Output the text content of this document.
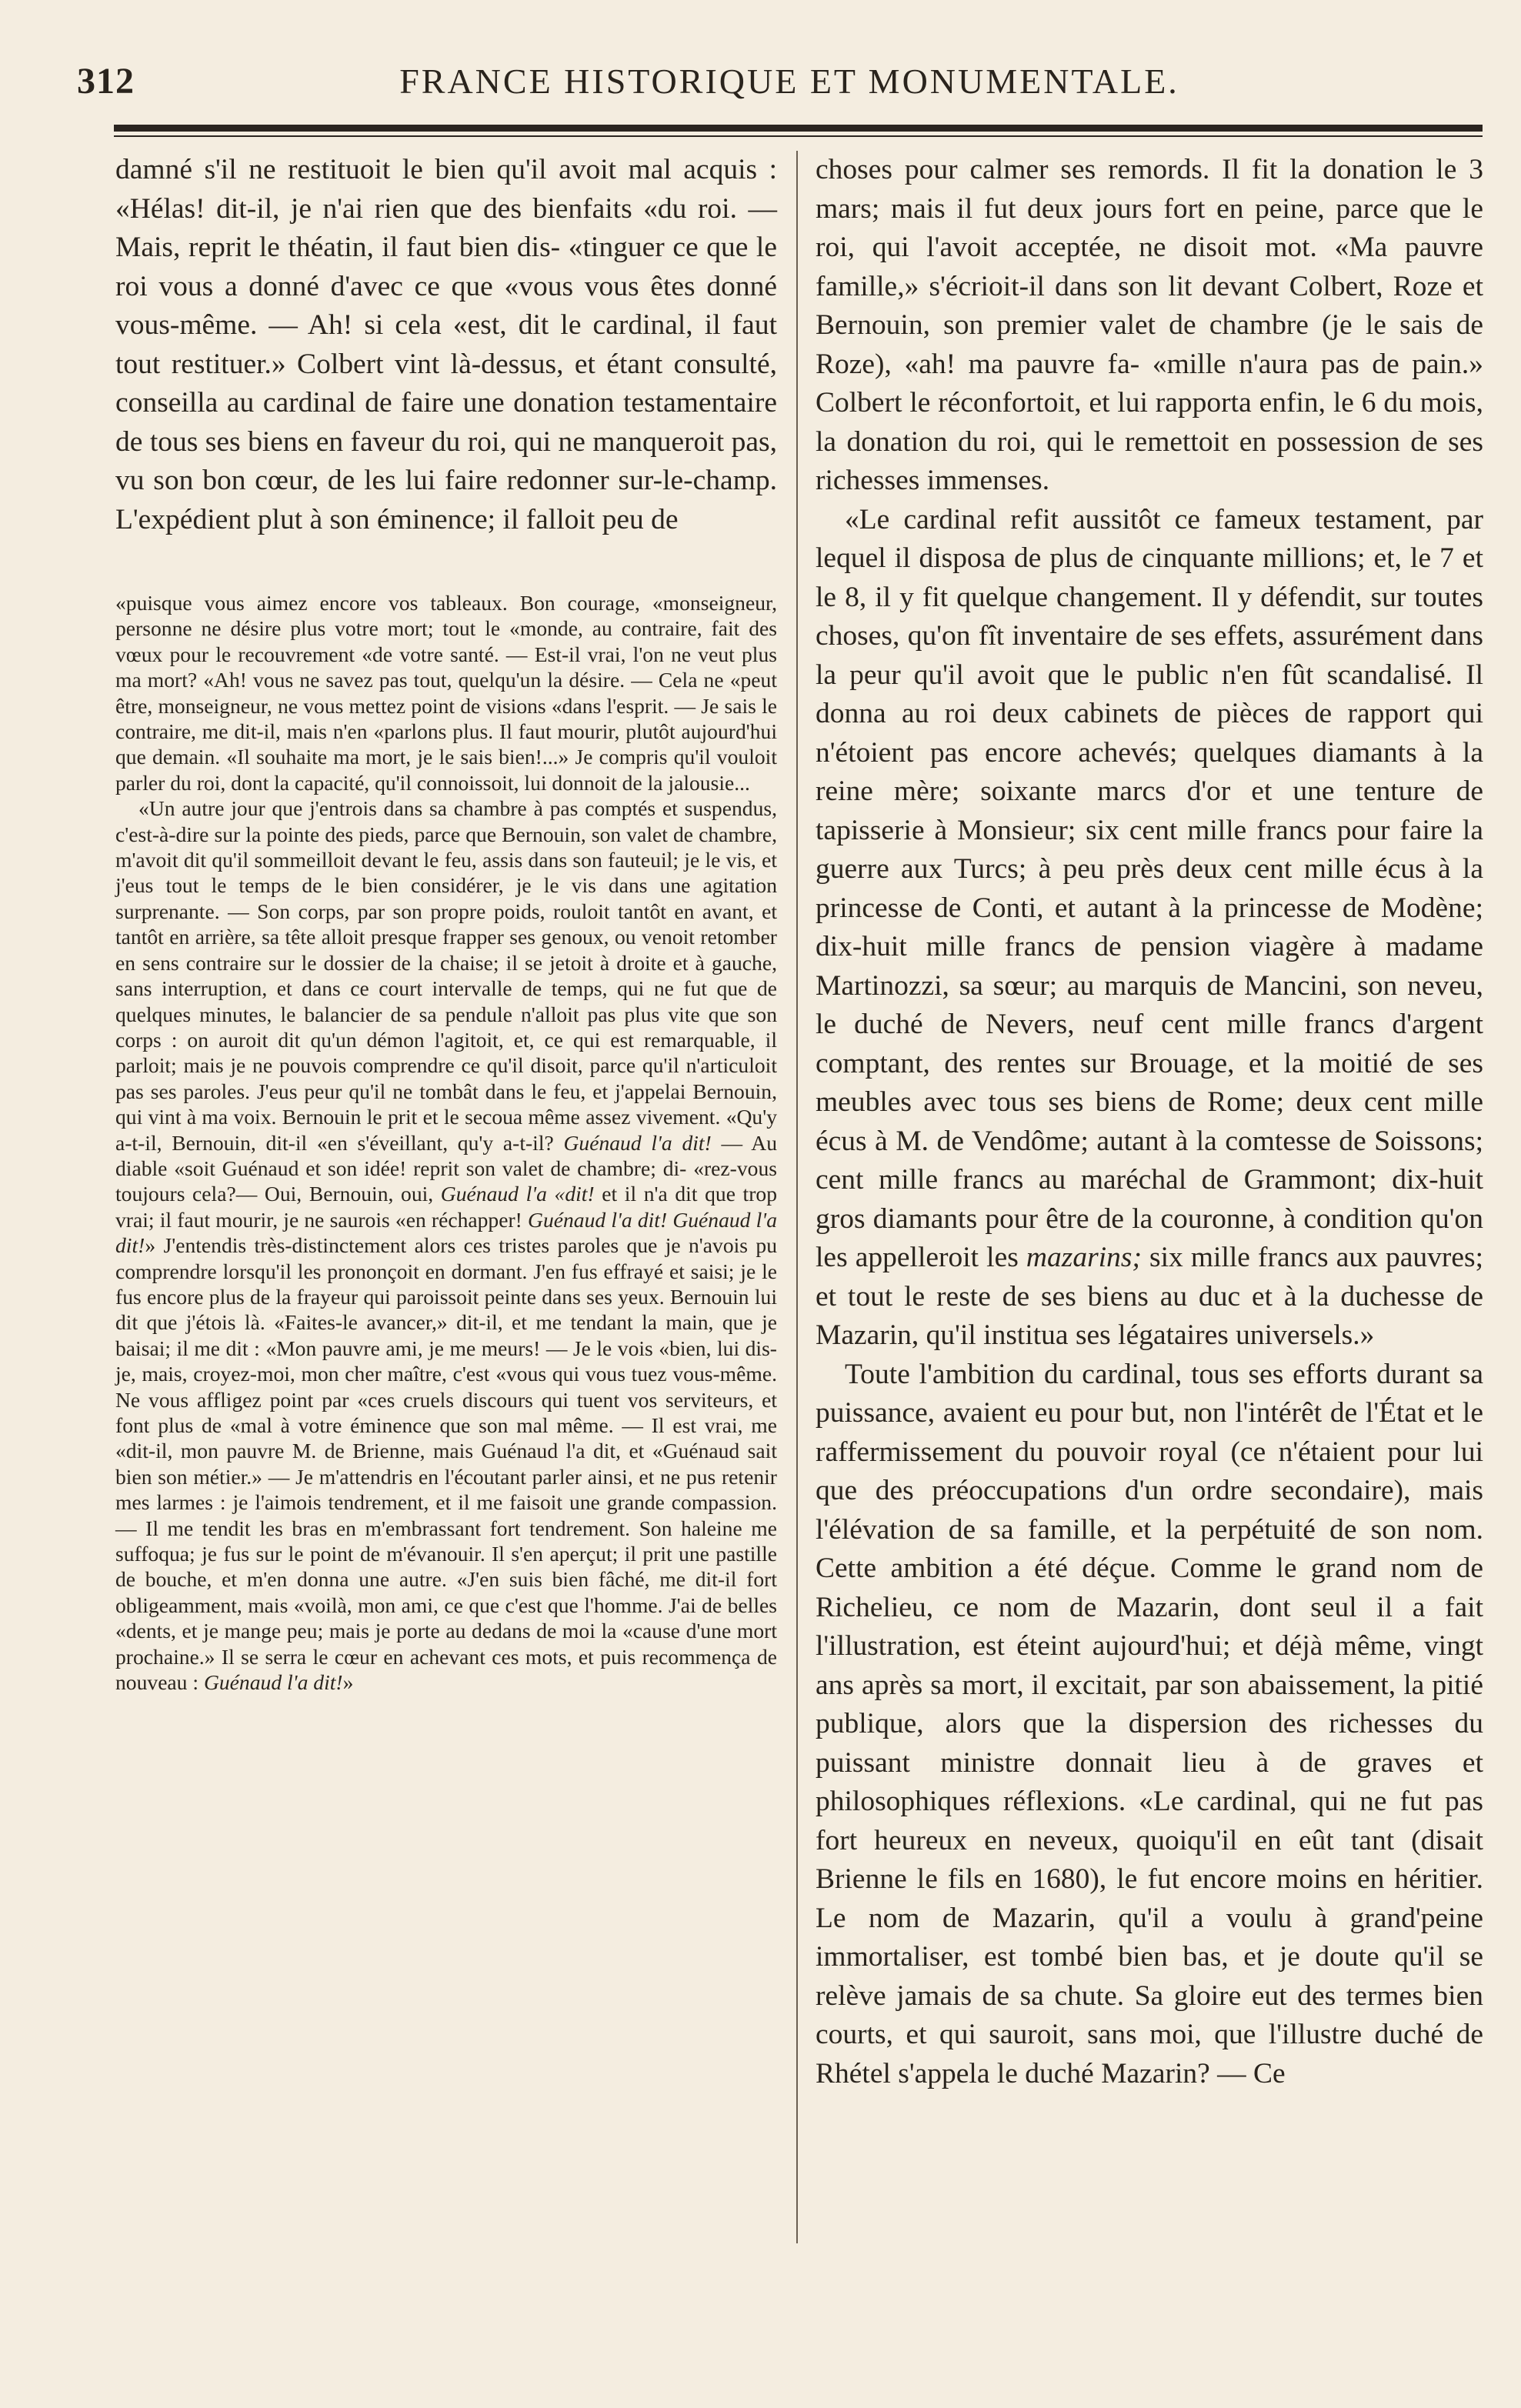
312	FRANCE HISTORIQUE ET MONUMENTALE.

damné s'il ne restituoit le bien qu'il avoit mal acquis : «Hélas! dit-il, je n'ai rien que des bienfaits «du roi. — Mais, reprit le théatin, il faut bien dis- «tinguer ce que le roi vous a donné d'avec ce que «vous vous êtes donné vous-même. — Ah! si cela «est, dit le cardinal, il faut tout restituer.» Colbert vint là-dessus, et étant consulté, conseilla au cardinal de faire une donation testamentaire de tous ses biens en faveur du roi, qui ne manqueroit pas, vu son bon cœur, de les lui faire redonner sur-le-champ. L'expédient plut à son éminence; il falloit peu de

«puisque vous aimez encore vos tableaux. Bon courage, «monseigneur, personne ne désire plus votre mort; tout le «monde, au contraire, fait des vœux pour le recouvrement «de votre santé. — Est-il vrai, l'on ne veut plus ma mort? «Ah! vous ne savez pas tout, quelqu'un la désire. — Cela ne «peut être, monseigneur, ne vous mettez point de visions «dans l'esprit. — Je sais le contraire, me dit-il, mais n'en «parlons plus. Il faut mourir, plutôt aujourd'hui que demain. «Il souhaite ma mort, je le sais bien!...» Je compris qu'il vouloit parler du roi, dont la capacité, qu'il connoissoit, lui donnoit de la jalousie...

«Un autre jour que j'entrois dans sa chambre à pas comptés et suspendus, c'est-à-dire sur la pointe des pieds, parce que Bernouin, son valet de chambre, m'avoit dit qu'il sommeilloit devant le feu, assis dans son fauteuil; je le vis, et j'eus tout le temps de le bien considérer, je le vis dans une agitation surprenante. — Son corps, par son propre poids, rouloit tantôt en avant, et tantôt en arrière, sa tête alloit presque frapper ses genoux, ou venoit retomber en sens contraire sur le dossier de la chaise; il se jetoit à droite et à gauche, sans interruption, et dans ce court intervalle de temps, qui ne fut que de quelques minutes, le balancier de sa pendule n'alloit pas plus vite que son corps : on auroit dit qu'un démon l'agitoit, et, ce qui est remarquable, il parloit; mais je ne pouvois comprendre ce qu'il disoit, parce qu'il n'articuloit pas ses paroles. J'eus peur qu'il ne tombât dans le feu, et j'appelai Bernouin, qui vint à ma voix. Bernouin le prit et le secoua même assez vivement. «Qu'y a-t-il, Bernouin, dit-il «en s'éveillant, qu'y a-t-il? Guénaud l'a dit! — Au diable «soit Guénaud et son idée! reprit son valet de chambre; di- «rez-vous toujours cela?— Oui, Bernouin, oui, Guénaud l'a «dit! et il n'a dit que trop vrai; il faut mourir, je ne saurois «en réchapper! Guénaud l'a dit! Guénaud l'a dit!» J'entendis très-distinctement alors ces tristes paroles que je n'avois pu comprendre lorsqu'il les prononçoit en dormant. J'en fus effrayé et saisi; je le fus encore plus de la frayeur qui paroissoit peinte dans ses yeux. Bernouin lui dit que j'étois là. «Faites-le avancer,» dit-il, et me tendant la main, que je baisai; il me dit : «Mon pauvre ami, je me meurs! — Je le vois «bien, lui dis-je, mais, croyez-moi, mon cher maître, c'est «vous qui vous tuez vous-même. Ne vous affligez point par «ces cruels discours qui tuent vos serviteurs, et font plus de «mal à votre éminence que son mal même. — Il est vrai, me «dit-il, mon pauvre M. de Brienne, mais Guénaud l'a dit, et «Guénaud sait bien son métier.» — Je m'attendris en l'écoutant parler ainsi, et ne pus retenir mes larmes : je l'aimois tendrement, et il me faisoit une grande compassion. — Il me tendit les bras en m'embrassant fort tendrement. Son haleine me suffoqua; je fus sur le point de m'évanouir. Il s'en aperçut; il prit une pastille de bouche, et m'en donna une autre. «J'en suis bien fâché, me dit-il fort obligeamment, mais «voilà, mon ami, ce que c'est que l'homme. J'ai de belles «dents, et je mange peu; mais je porte au dedans de moi la «cause d'une mort prochaine.» Il se serra le cœur en achevant ces mots, et puis recommença de nouveau : Guénaud l'a dit!»

choses pour calmer ses remords. Il fit la donation le 3 mars; mais il fut deux jours fort en peine, parce que le roi, qui l'avoit acceptée, ne disoit mot. «Ma pauvre famille,» s'écrioit-il dans son lit devant Colbert, Roze et Bernouin, son premier valet de chambre (je le sais de Roze), «ah! ma pauvre fa- «mille n'aura pas de pain.» Colbert le réconfortoit, et lui rapporta enfin, le 6 du mois, la donation du roi, qui le remettoit en possession de ses richesses immenses.

«Le cardinal refit aussitôt ce fameux testament, par lequel il disposa de plus de cinquante millions; et, le 7 et le 8, il y fit quelque changement. Il y défendit, sur toutes choses, qu'on fît inventaire de ses effets, assurément dans la peur qu'il avoit que le public n'en fût scandalisé. Il donna au roi deux cabinets de pièces de rapport qui n'étoient pas encore achevés; quelques diamants à la reine mère; soixante marcs d'or et une tenture de tapisserie à Monsieur; six cent mille francs pour faire la guerre aux Turcs; à peu près deux cent mille écus à la princesse de Conti, et autant à la princesse de Modène; dix-huit mille francs de pension viagère à madame Martinozzi, sa sœur; au marquis de Mancini, son neveu, le duché de Nevers, neuf cent mille francs d'argent comptant, des rentes sur Brouage, et la moitié de ses meubles avec tous ses biens de Rome; deux cent mille écus à M. de Vendôme; autant à la comtesse de Soissons; cent mille francs au maréchal de Grammont; dix-huit gros diamants pour être de la couronne, à condition qu'on les appelleroit les mazarins; six mille francs aux pauvres; et tout le reste de ses biens au duc et à la duchesse de Mazarin, qu'il institua ses légataires universels.»

Toute l'ambition du cardinal, tous ses efforts durant sa puissance, avaient eu pour but, non l'intérêt de l'État et le raffermissement du pouvoir royal (ce n'étaient pour lui que des préoccupations d'un ordre secondaire), mais l'élévation de sa famille, et la perpétuité de son nom. Cette ambition a été déçue. Comme le grand nom de Richelieu, ce nom de Mazarin, dont seul il a fait l'illustration, est éteint aujourd'hui; et déjà même, vingt ans après sa mort, il excitait, par son abaissement, la pitié publique, alors que la dispersion des richesses du puissant ministre donnait lieu à de graves et philosophiques réflexions. «Le cardinal, qui ne fut pas fort heureux en neveux, quoiqu'il en eût tant (disait Brienne le fils en 1680), le fut encore moins en héritier. Le nom de Mazarin, qu'il a voulu à grand'peine immortaliser, est tombé bien bas, et je doute qu'il se relève jamais de sa chute. Sa gloire eut des termes bien courts, et qui sauroit, sans moi, que l'illustre duché de Rhétel s'appela le duché Mazarin? — Ce
